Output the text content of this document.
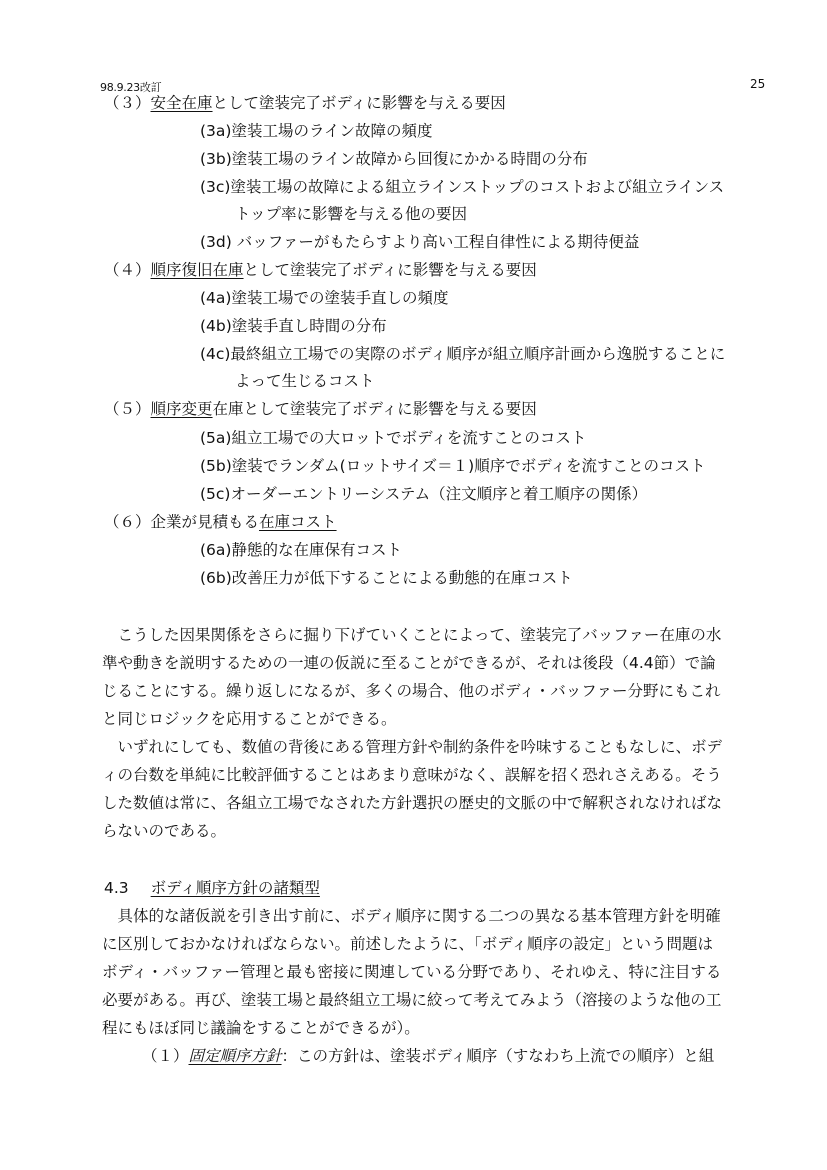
98.9.23改訂	25
（３）安全在庫として塗装完了ボディに影響を与える要因
(3a)塗装工場のライン故障の頻度
(3b)塗装工場のライン故障から回復にかかる時間の分布
(3c)塗装工場の故障による組立ラインストップのコストおよび組立ラインス
トップ率に影響を与える他の要因
(3d) バッファーがもたらすより高い工程自律性による期待便益
（４）順序復旧在庫として塗装完了ボディに影響を与える要因
(4a)塗装工場での塗装手直しの頻度
(4b)塗装手直し時間の分布
(4c)最終組立工場での実際のボディ順序が組立順序計画から逸脱することに
よって生じるコスト
（５）順序変更在庫として塗装完了ボディに影響を与える要因
(5a)組立工場での大ロットでボディを流すことのコスト
(5b)塗装でランダム(ロットサイズ＝１)順序でボディを流すことのコスト
(5c)オーダーエントリーシステム（注文順序と着工順序の関係）
（６）企業が見積もる在庫コスト
(6a)静態的な在庫保有コスト
(6b)改善圧力が低下することによる動態的在庫コスト
　こうした因果関係をさらに掘り下げていくことによって、塗装完了バッファー在庫の水
準や動きを説明するための一連の仮説に至ることができるが、それは後段（4.4節）で論
じることにする。繰り返しになるが、多くの場合、他のボディ・バッファー分野にもこれ
と同じロジックを応用することができる。
　いずれにしても、数値の背後にある管理方針や制約条件を吟味することもなしに、ボデ
ィの台数を単純に比較評価することはあまり意味がなく、誤解を招く恐れさえある。そう
した数値は常に、各組立工場でなされた方針選択の歴史的文脈の中で解釈されなければな
らないのである。
4.3 ボディ順序方針の諸類型
　具体的な諸仮説を引き出す前に、ボディ順序に関する二つの異なる基本管理方針を明確
に区別しておかなければならない。前述したように、「ボディ順序の設定」という問題は
ボディ・バッファー管理と最も密接に関連している分野であり、それゆえ、特に注目する
必要がある。再び、塗装工場と最終組立工場に絞って考えてみよう（溶接のような他の工
程にもほぼ同じ議論をすることができるが）。
（１）固定順序方針：この方針は、塗装ボディ順序（すなわち上流での順序）と組
